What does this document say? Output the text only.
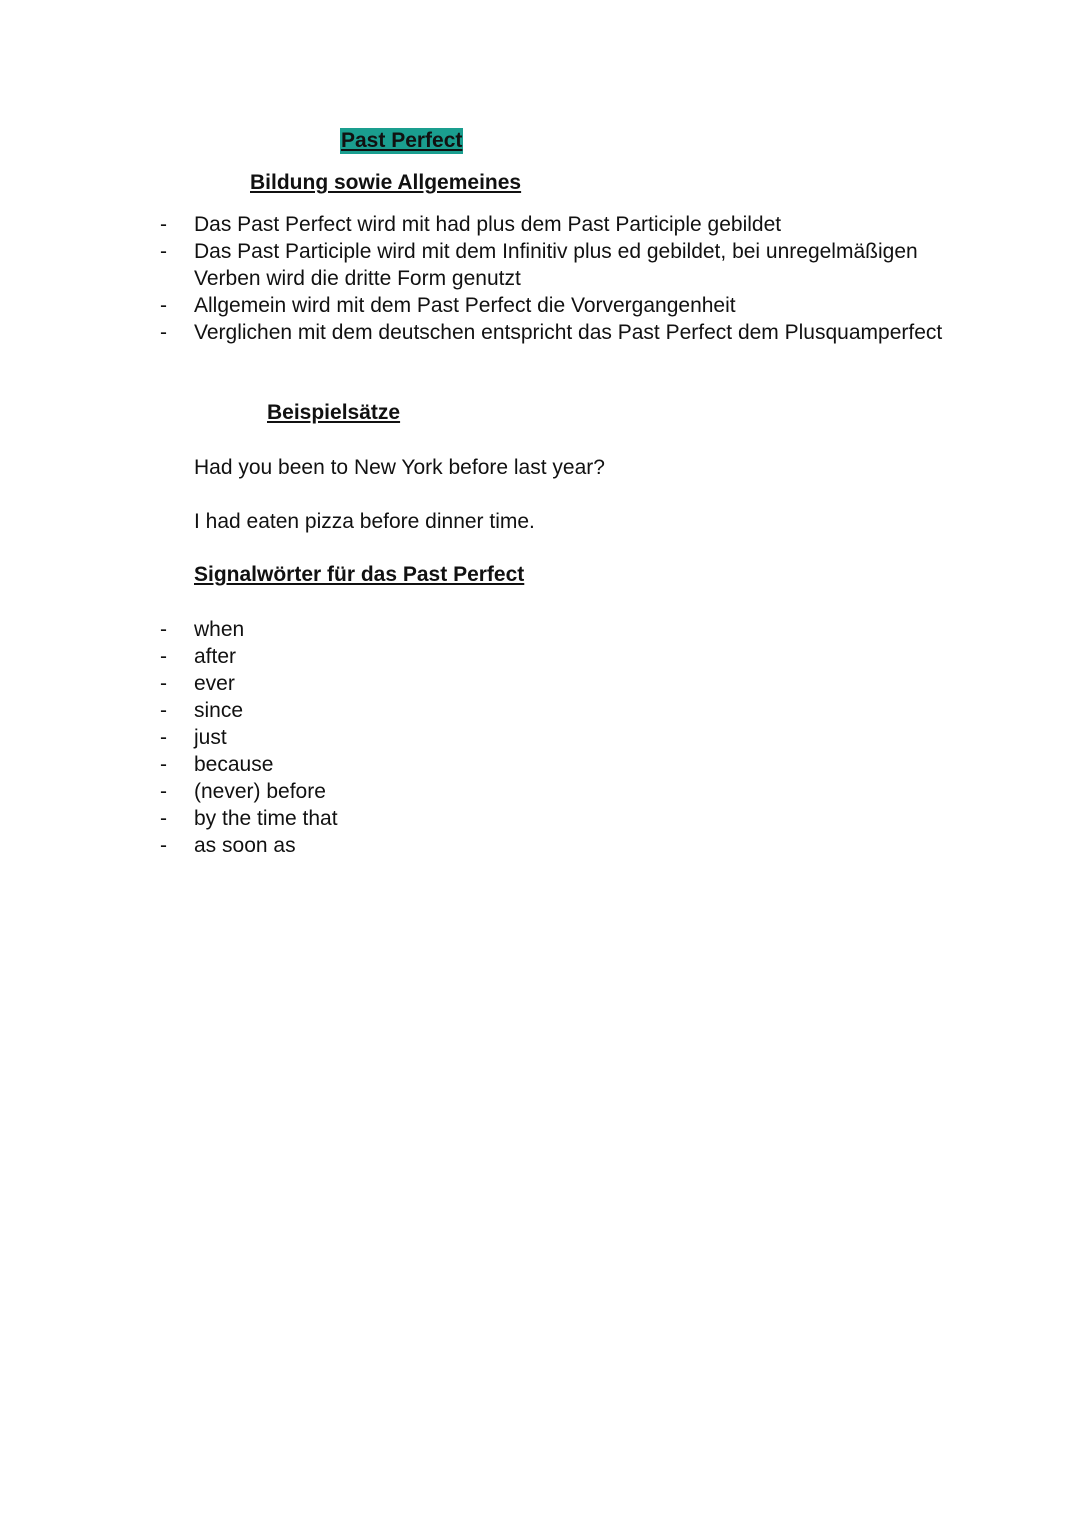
Past Perfect
Bildung sowie Allgemeines
- Das Past Perfect wird mit had plus dem Past Participle gebildet
- Das Past Participle wird mit dem Infinitiv plus ed gebildet, bei unregelmäßigen Verben wird die dritte Form genutzt
- Allgemein wird mit dem Past Perfect die Vorvergangenheit
- Verglichen mit dem deutschen entspricht das Past Perfect dem Plusquamperfect
Beispielsätze
Had you been to New York before last year?
I had eaten pizza before dinner time.
Signalwörter für das Past Perfect
- when
- after
- ever
- since
- just
- because
- (never) before
- by the time that
- as soon as
